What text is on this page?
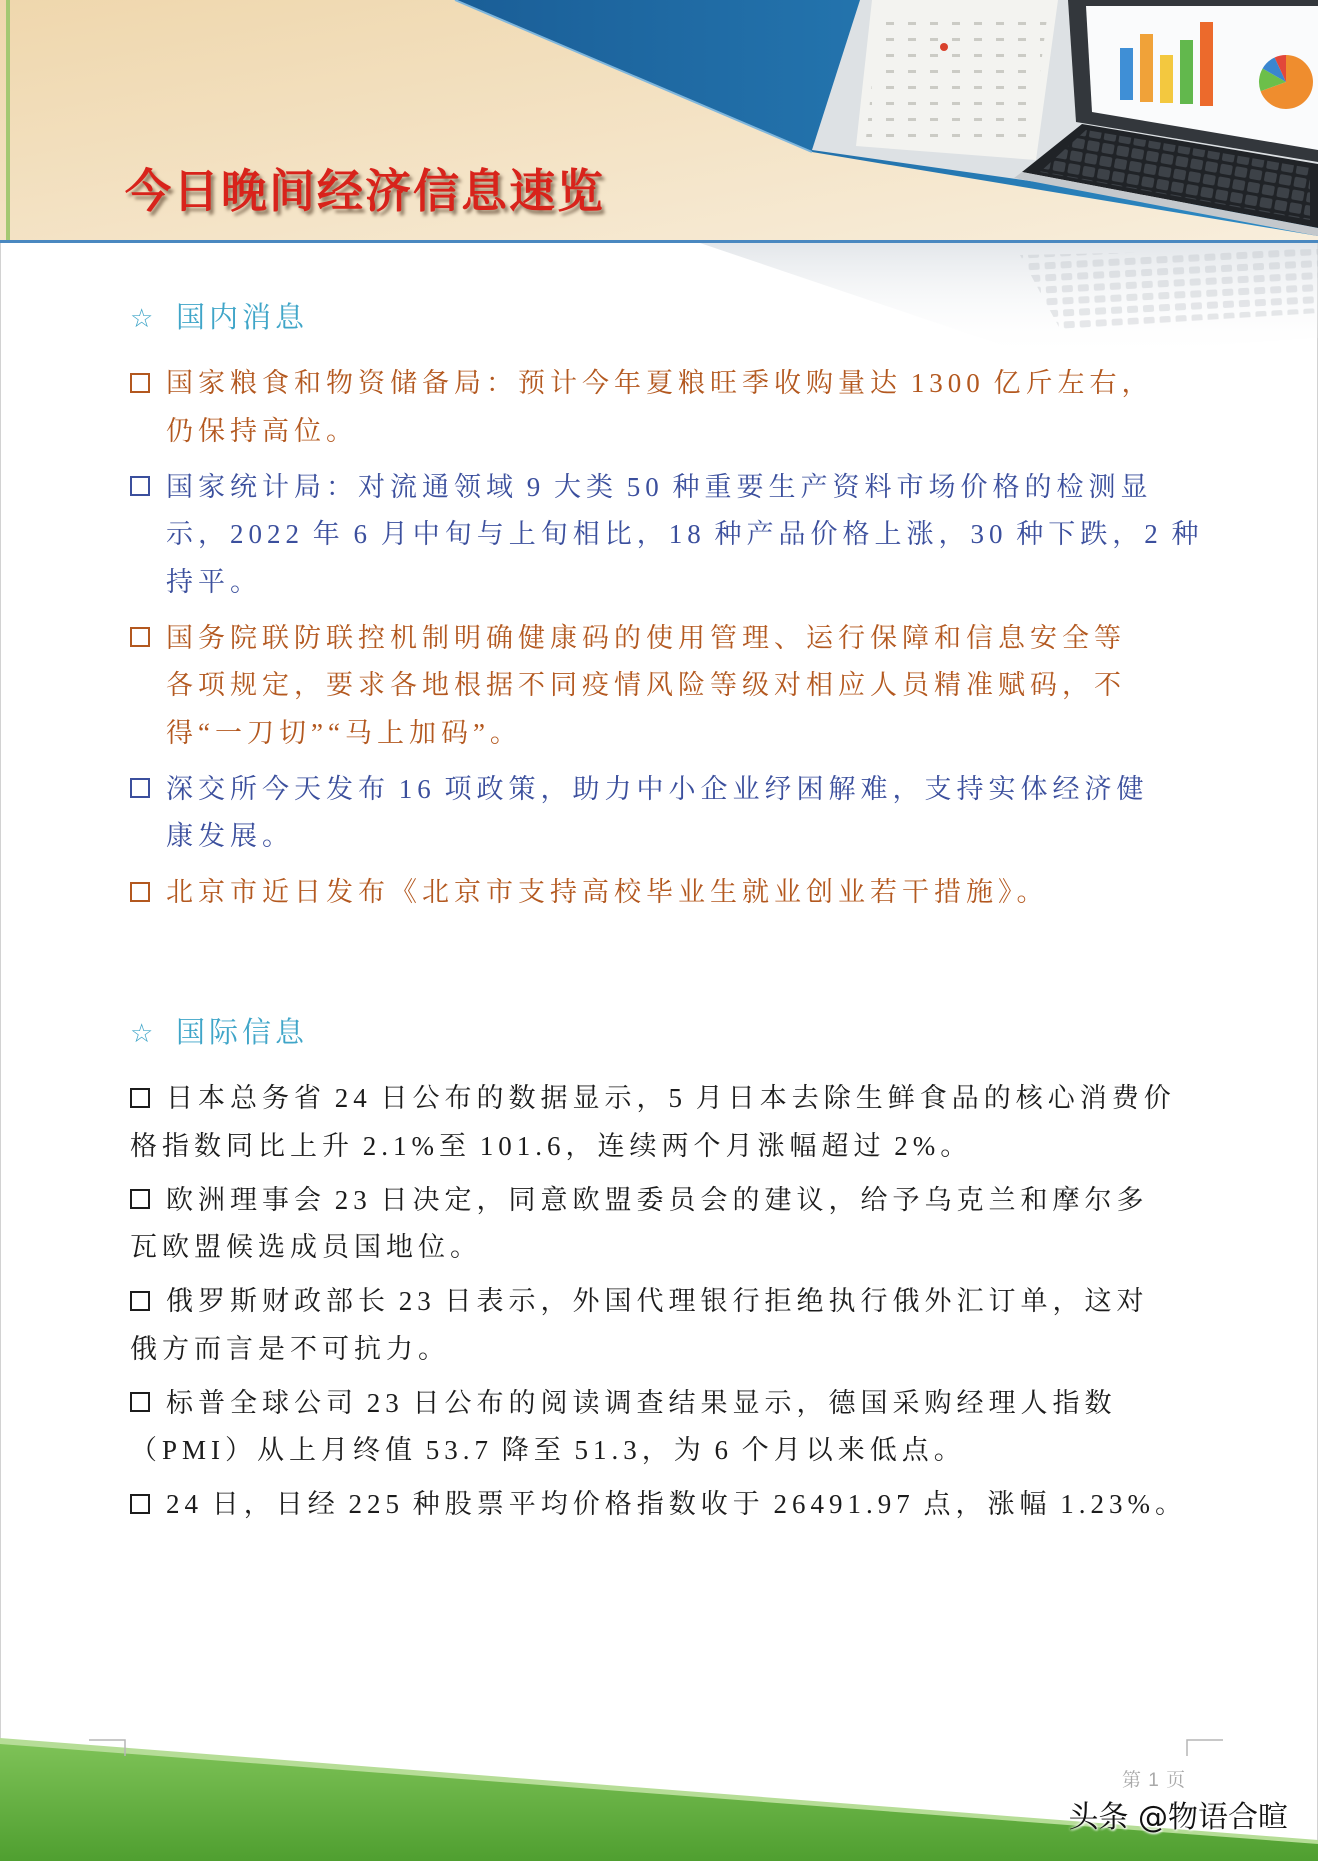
今日晚间经济信息速览
☆国内消息
国家粮食和物资储备局：预计今年夏粮旺季收购量达 1300 亿斤左右，
仍保持高位。
国家统计局：对流通领域 9 大类 50 种重要生产资料市场价格的检测显
示，2022 年 6 月中旬与上旬相比，18 种产品价格上涨，30 种下跌，2 种
持平。
国务院联防联控机制明确健康码的使用管理、运行保障和信息安全等
各项规定，要求各地根据不同疫情风险等级对相应人员精准赋码，不
得“一刀切”“马上加码”。
深交所今天发布 16 项政策，助力中小企业纾困解难，支持实体经济健
康发展。
北京市近日发布《北京市支持高校毕业生就业创业若干措施》。
☆国际信息
日本总务省 24 日公布的数据显示，5 月日本去除生鲜食品的核心消费价
格指数同比上升 2.1%至 101.6，连续两个月涨幅超过 2%。
欧洲理事会 23 日决定，同意欧盟委员会的建议，给予乌克兰和摩尔多
瓦欧盟候选成员国地位。
俄罗斯财政部长 23 日表示，外国代理银行拒绝执行俄外汇订单，这对
俄方而言是不可抗力。
标普全球公司 23 日公布的阅读调查结果显示，德国采购经理人指数
（PMI）从上月终值 53.7 降至 51.3，为 6 个月以来低点。
24 日，日经 225 种股票平均价格指数收于 26491.97 点，涨幅 1.23%。
第 1 页
头条 @物语合暄
